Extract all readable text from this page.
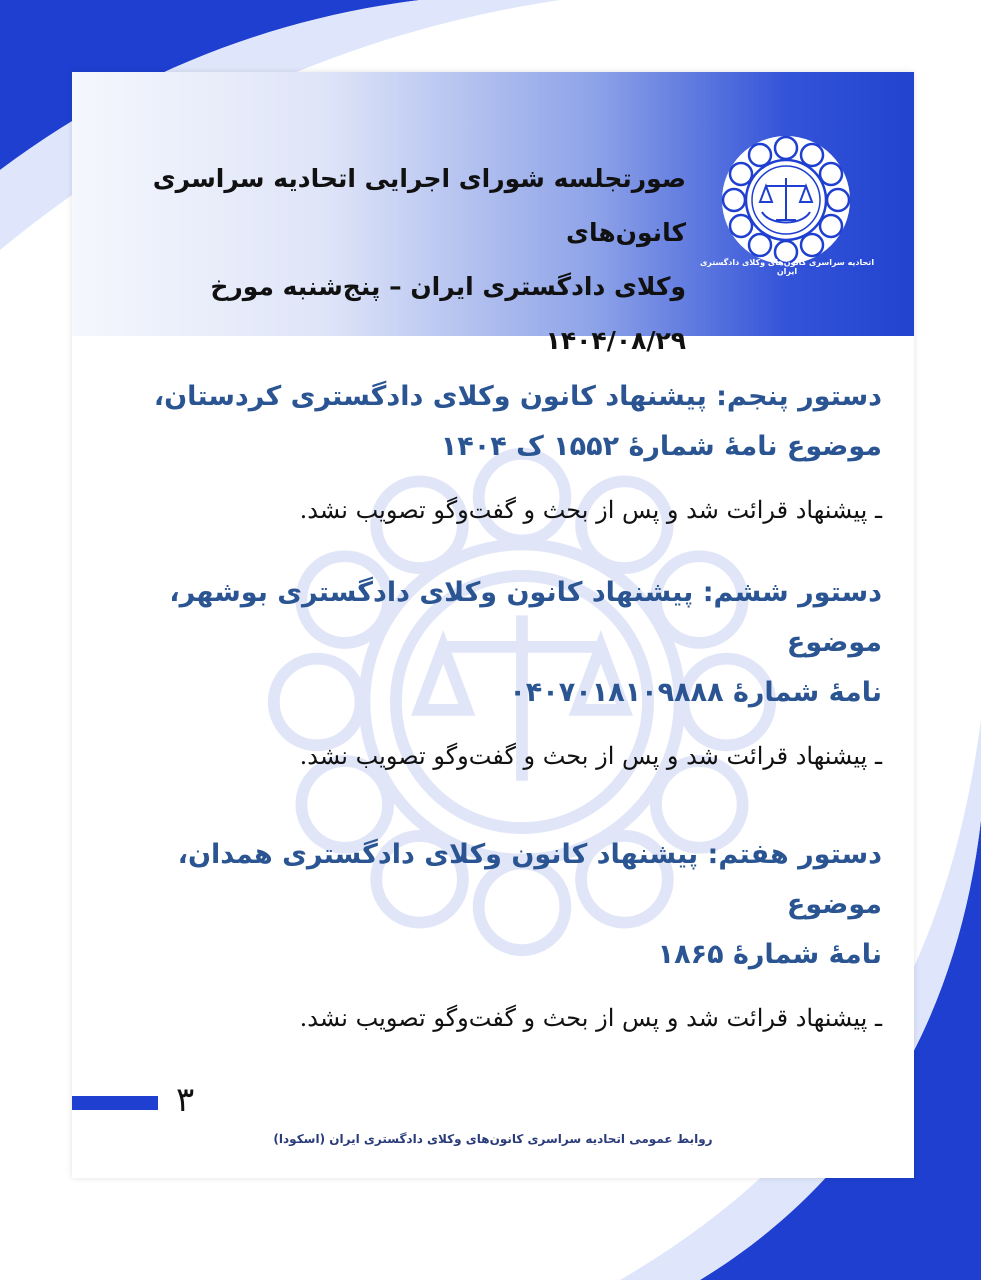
صورتجلسه شورای اجرایی اتحادیه سراسری کانون‌های
وکلای دادگستری ایران – پنج‌شنبه مورخ ۱۴۰۴/۰۸/۲۹
اتحادیه سراسری کانون‌های وکلای دادگستری ایران

دستور پنجم: پیشنهاد کانون وکلای دادگستری کردستان،
موضوع نامهٔ شمارهٔ ۱۵۵۲ ک ۱۴۰۴

ـ پیشنهاد قرائت شد و پس از بحث و گفت‌وگو تصویب نشد.

دستور ششم: پیشنهاد کانون وکلای دادگستری بوشهر، موضوع
نامهٔ شمارهٔ ۰۴۰۷۰۱۸۱۰۹۸۸۸

ـ پیشنهاد قرائت شد و پس از بحث و گفت‌وگو تصویب نشد.

دستور هفتم: پیشنهاد کانون وکلای دادگستری همدان، موضوع
نامهٔ شمارهٔ ۱۸۶۵

ـ پیشنهاد قرائت شد و پس از بحث و گفت‌وگو تصویب نشد.

۳
روابط عمومی اتحادیه سراسری کانون‌های وکلای دادگستری ایران (اسکودا)
